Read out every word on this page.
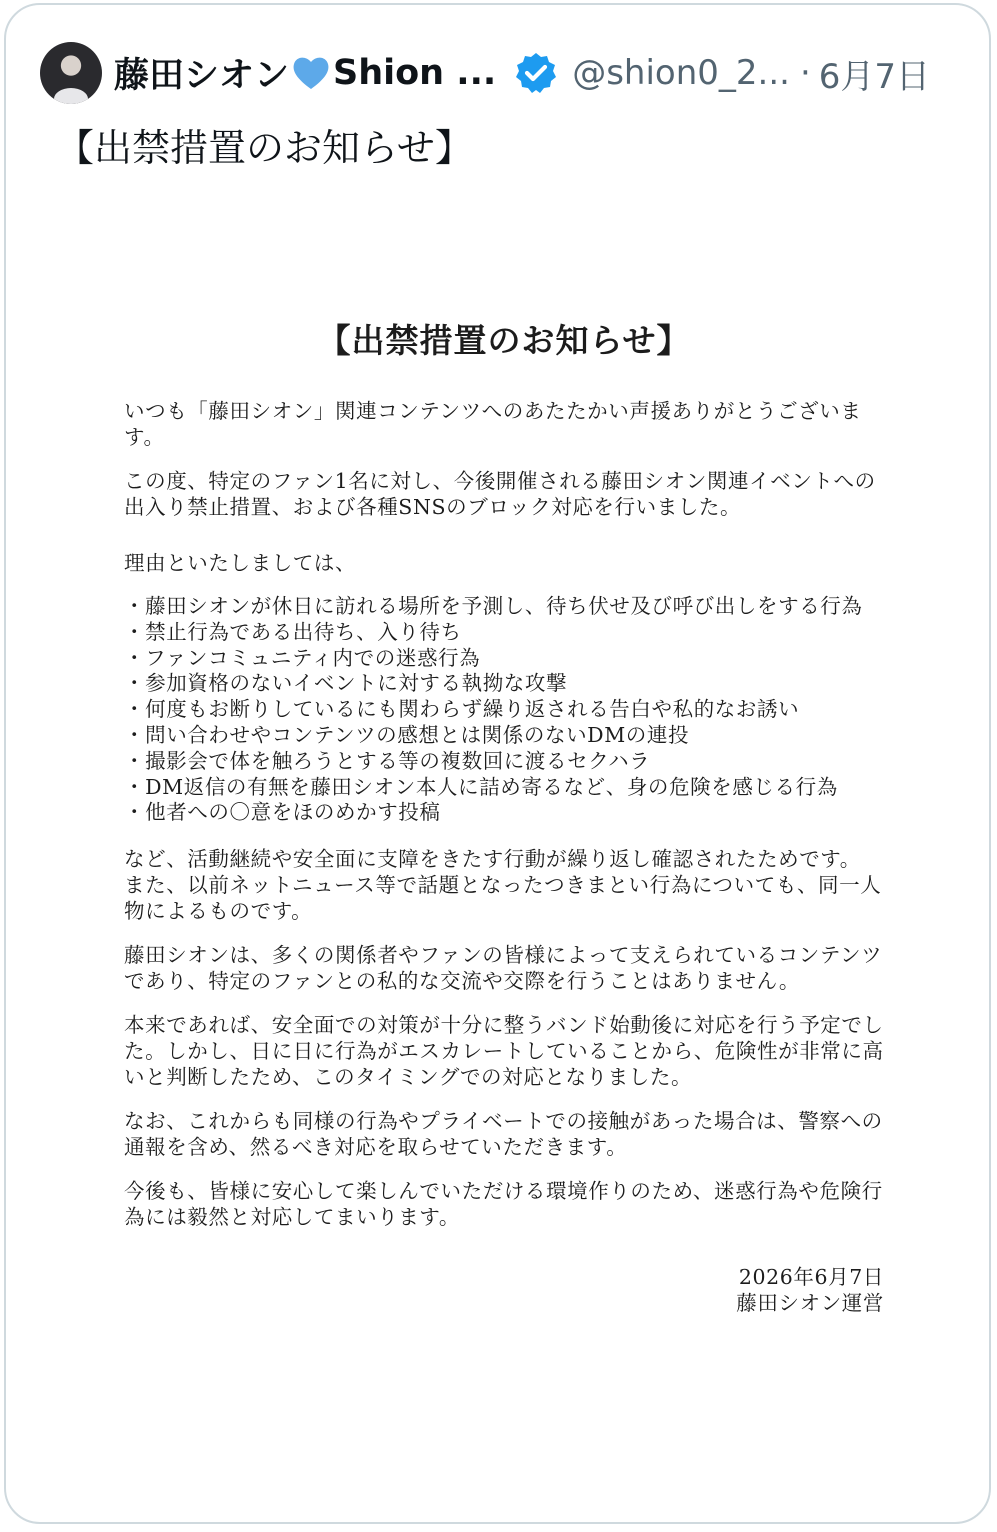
藤田シオン Shion ... @shion0_2... · 6月7日
【出禁措置のお知らせ】
【出禁措置のお知らせ】

いつも「藤田シオン」関連コンテンツへのあたたかい声援ありがとうございます。

この度、特定のファン1名に対し、今後開催される藤田シオン関連イベントへの出入り禁止措置、および各種SNSのブロック対応を行いました。

理由といたしましては、

・藤田シオンが休日に訪れる場所を予測し、待ち伏せ及び呼び出しをする行為
・禁止行為である出待ち、入り待ち
・ファンコミュニティ内での迷惑行為
・参加資格のないイベントに対する執拗な攻撃
・何度もお断りしているにも関わらず繰り返される告白や私的なお誘い
・問い合わせやコンテンツの感想とは関係のないDMの連投
・撮影会で体を触ろうとする等の複数回に渡るセクハラ
・DM返信の有無を藤田シオン本人に詰め寄るなど、身の危険を感じる行為
・他者への〇意をほのめかす投稿

など、活動継続や安全面に支障をきたす行動が繰り返し確認されたためです。

また、以前ネットニュース等で話題となったつきまとい行為についても、同一人物によるものです。

藤田シオンは、多くの関係者やファンの皆様によって支えられているコンテンツであり、特定のファンとの私的な交流や交際を行うことはありません。

本来であれば、安全面での対策が十分に整うバンド始動後に対応を行う予定でした。しかし、日に日に行為がエスカレートしていることから、危険性が非常に高いと判断したため、このタイミングでの対応となりました。

なお、これからも同様の行為やプライベートでの接触があった場合は、警察への通報を含め、然るべき対応を取らせていただきます。

今後も、皆様に安心して楽しんでいただける環境作りのため、迷惑行為や危険行為には毅然と対応してまいります。

2026年6月7日
藤田シオン運営
